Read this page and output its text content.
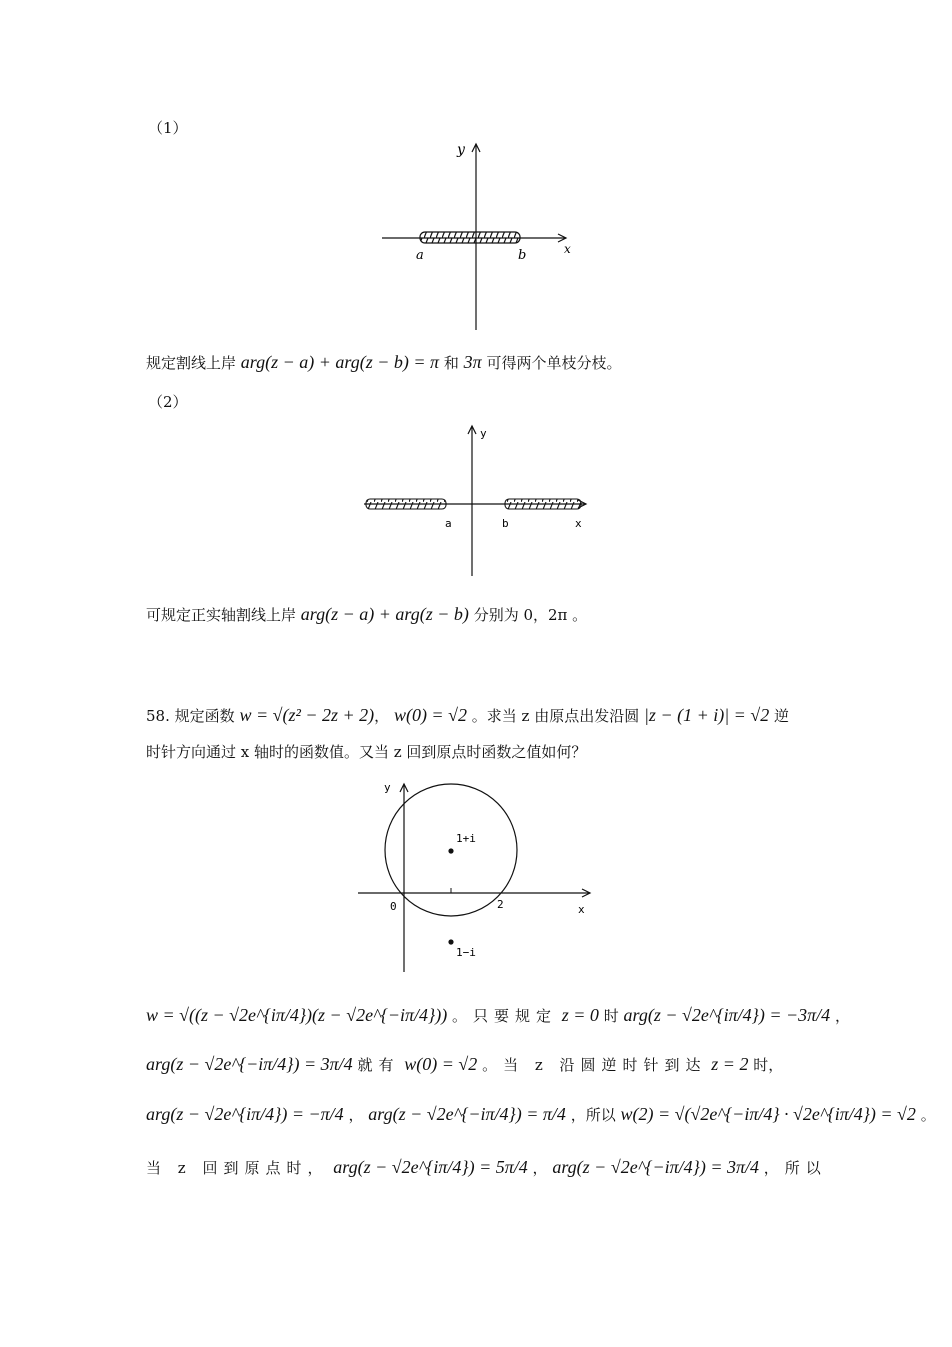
（1）
y
x
a	b
规定割线上岸 arg(z − a) + arg(z − b) = π 和 3π 可得两个单枝分枝。
（2）
y
a	b	x
可规定正实轴割线上岸 arg(z − a) + arg(z − b) 分别为 0，2π 。
58. 规定函数 w = √(z² − 2z + 2)， w(0) = √2 。求当 z 由原点出发沿圆 |z − (1 + i)| = √2 逆
时针方向通过 x 轴时的函数值。又当 z 回到原点时函数之值如何？
y
x
1+i
1−i
0	2
w = √((z − √2e^{iπ/4})(z − √2e^{−iπ/4})) 。只要规定 z = 0 时 arg(z − √2e^{iπ/4}) = −3π/4 ，
arg(z − √2e^{−iπ/4}) = 3π/4 就有 w(0) = √2 。当 z 沿圆逆时针到达 z = 2 时，
arg(z − √2e^{iπ/4}) = −π/4 ， arg(z − √2e^{−iπ/4}) = π/4 ，所以 w(2) = √(√2e^{−iπ/4} · √2e^{iπ/4}) = √2 。
当 z 回到原点时， arg(z − √2e^{iπ/4}) = 5π/4 ， arg(z − √2e^{−iπ/4}) = 3π/4 ，所以
